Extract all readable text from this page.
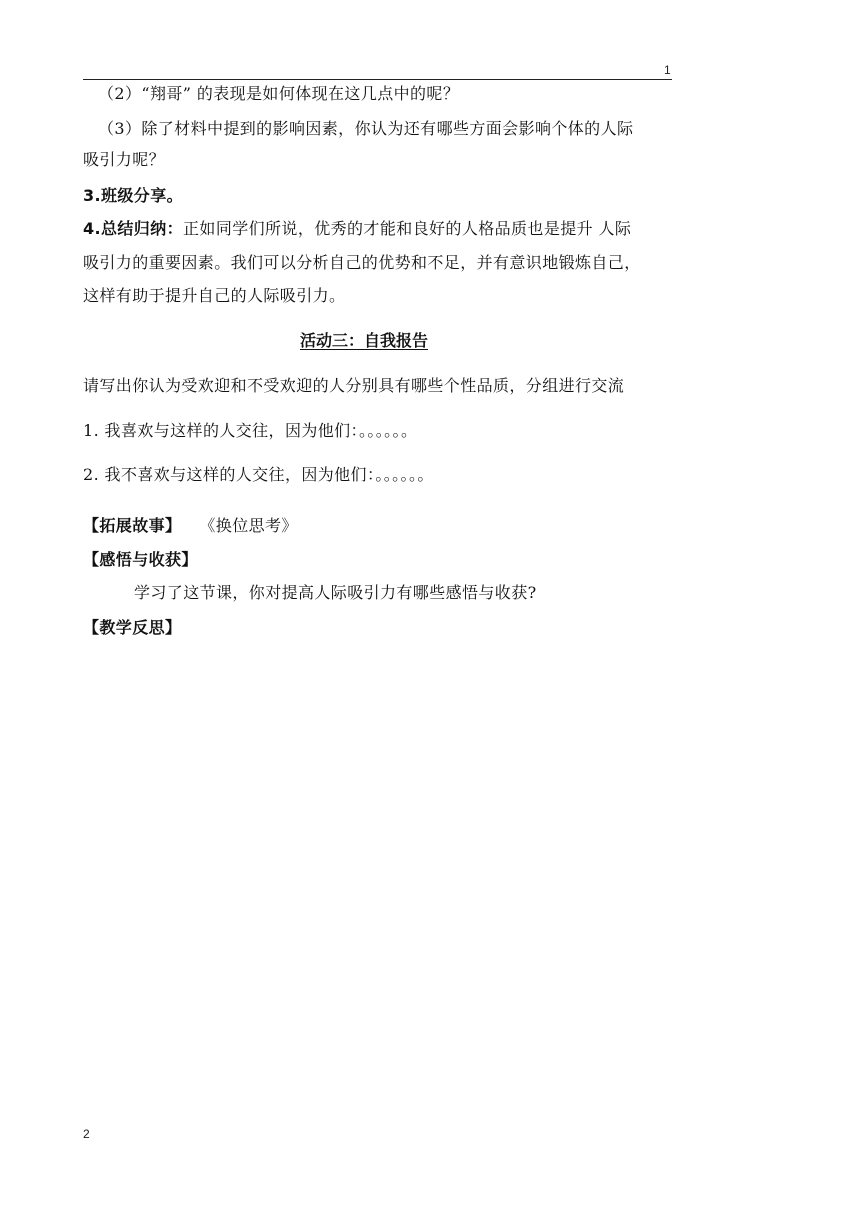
1
（2）“翔哥” 的表现是如何体现在这几点中的呢？
（3）除了材料中提到的影响因素，你认为还有哪些方面会影响个体的人际
吸引力呢？
3.班级分享。
4.总结归纳：正如同学们所说，优秀的才能和良好的人格品质也是提升 人际
吸引力的重要因素。我们可以分析自己的优势和不足，并有意识地锻炼自己，
这样有助于提升自己的人际吸引力。
活动三：自我报告
请写出你认为受欢迎和不受欢迎的人分别具有哪些个性品质，分组进行交流
1. 我喜欢与这样的人交往，因为他们：。。。。。。
2. 我不喜欢与这样的人交往，因为他们：。。。。。。
【拓展故事】 《换位思考》
【感悟与收获】
学习了这节课，你对提高人际吸引力有哪些感悟与收获?
【教学反思】
2
